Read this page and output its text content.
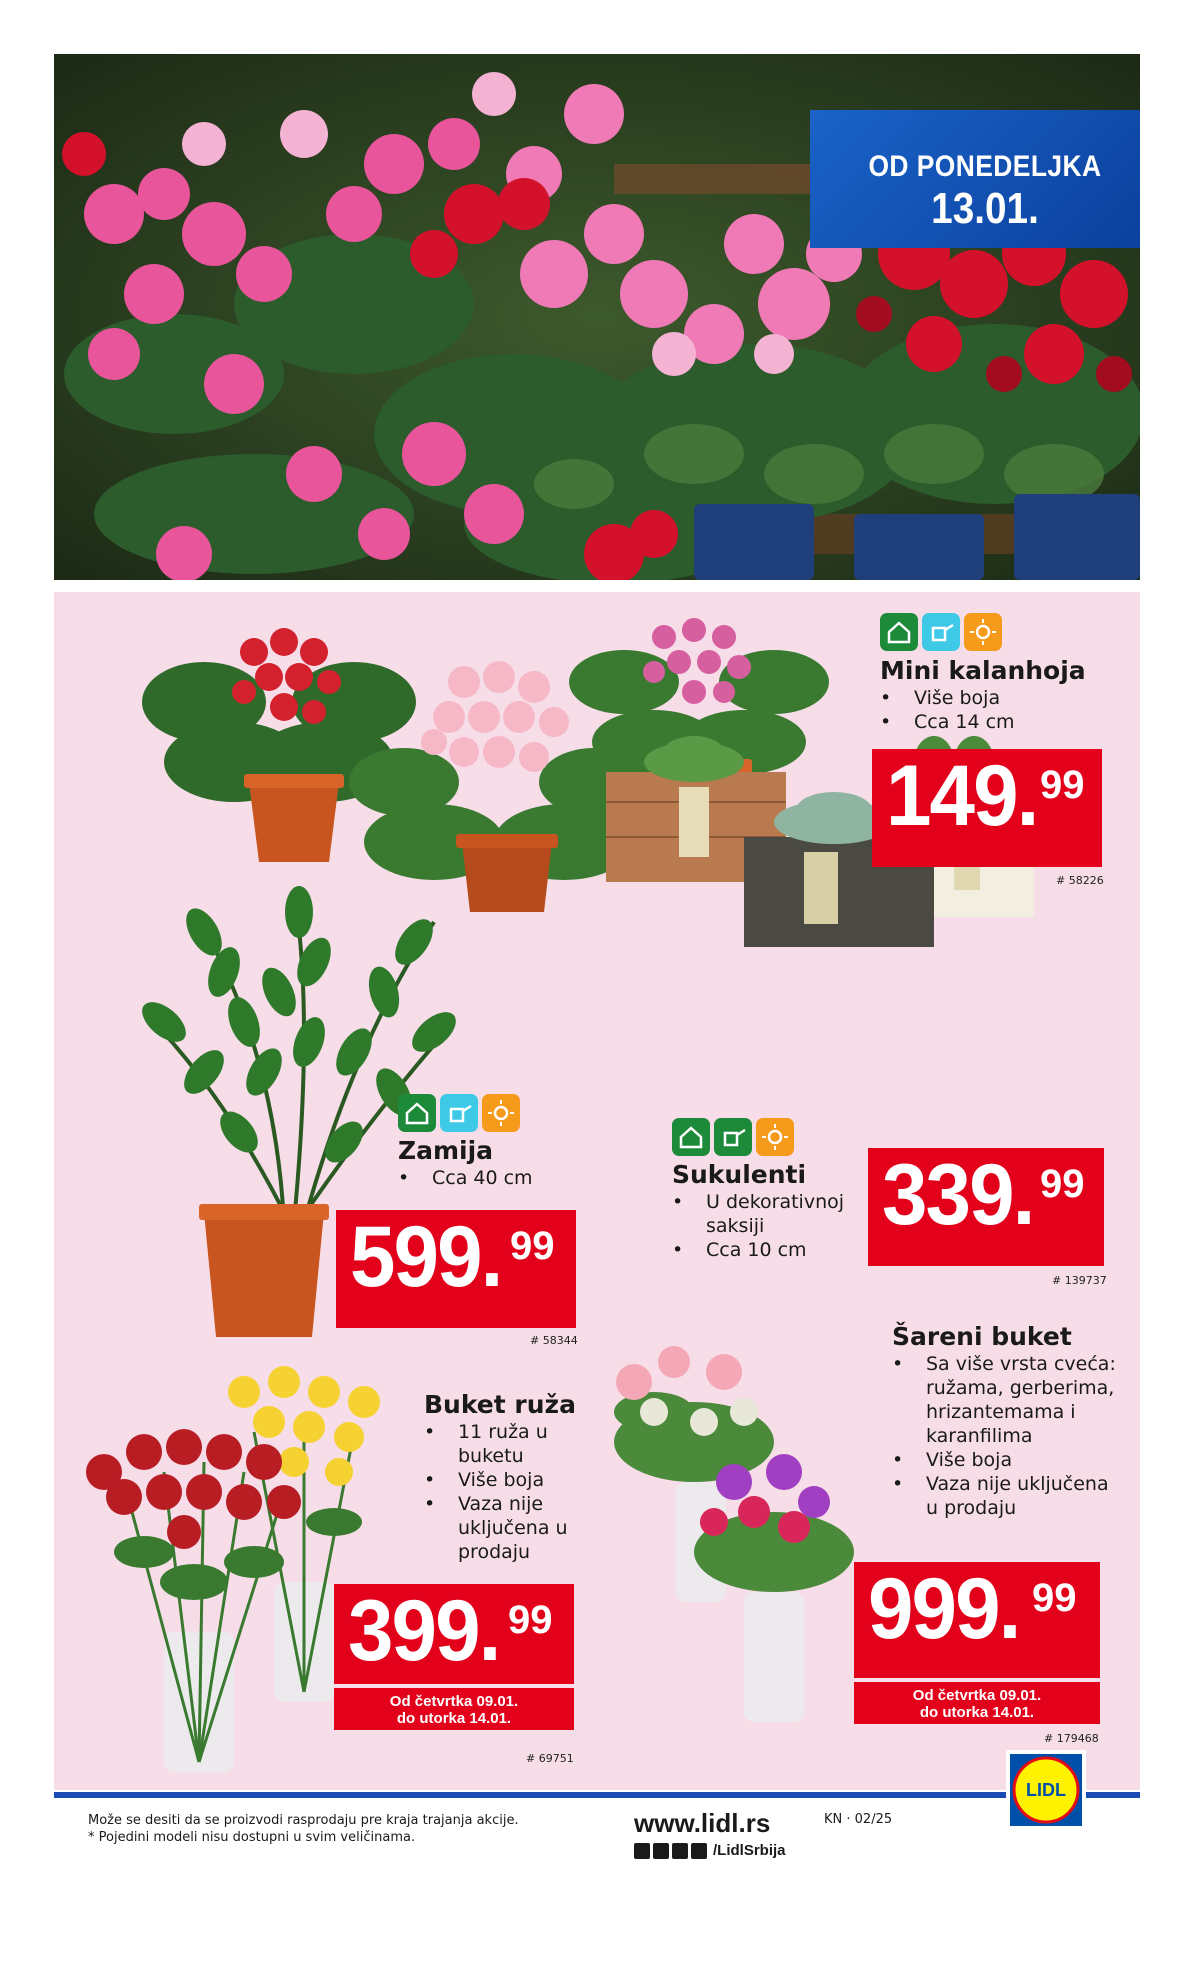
OD PONEDELJKA
13.01.
Mini kalanhoja
• Više boja
• Cca 14 cm
149. 99
# 58226
Zamija
• Cca 40 cm
599. 99
# 58344
Sukulenti
• U dekorativnoj saksiji
• Cca 10 cm
339. 99
# 139737
Buket ruža
• 11 ruža u buketu
• Više boja
• Vaza nije uključena u prodaju
399. 99
Od četvrtka 09.01.
do utorka 14.01.
# 69751
Šareni buket
• Sa više vrsta cveća: ružama, gerberima, hrizantemama i karanfilima
• Više boja
• Vaza nije uključena u prodaju
999. 99
Od četvrtka 09.01.
do utorka 14.01.
# 179468
LIDL
Može se desiti da se proizvodi rasprodaju pre kraja trajanja akcije.
* Pojedini modeli nisu dostupni u svim veličinama.	www.lidl.rs
/LidlSrbija
KN · 02/25
